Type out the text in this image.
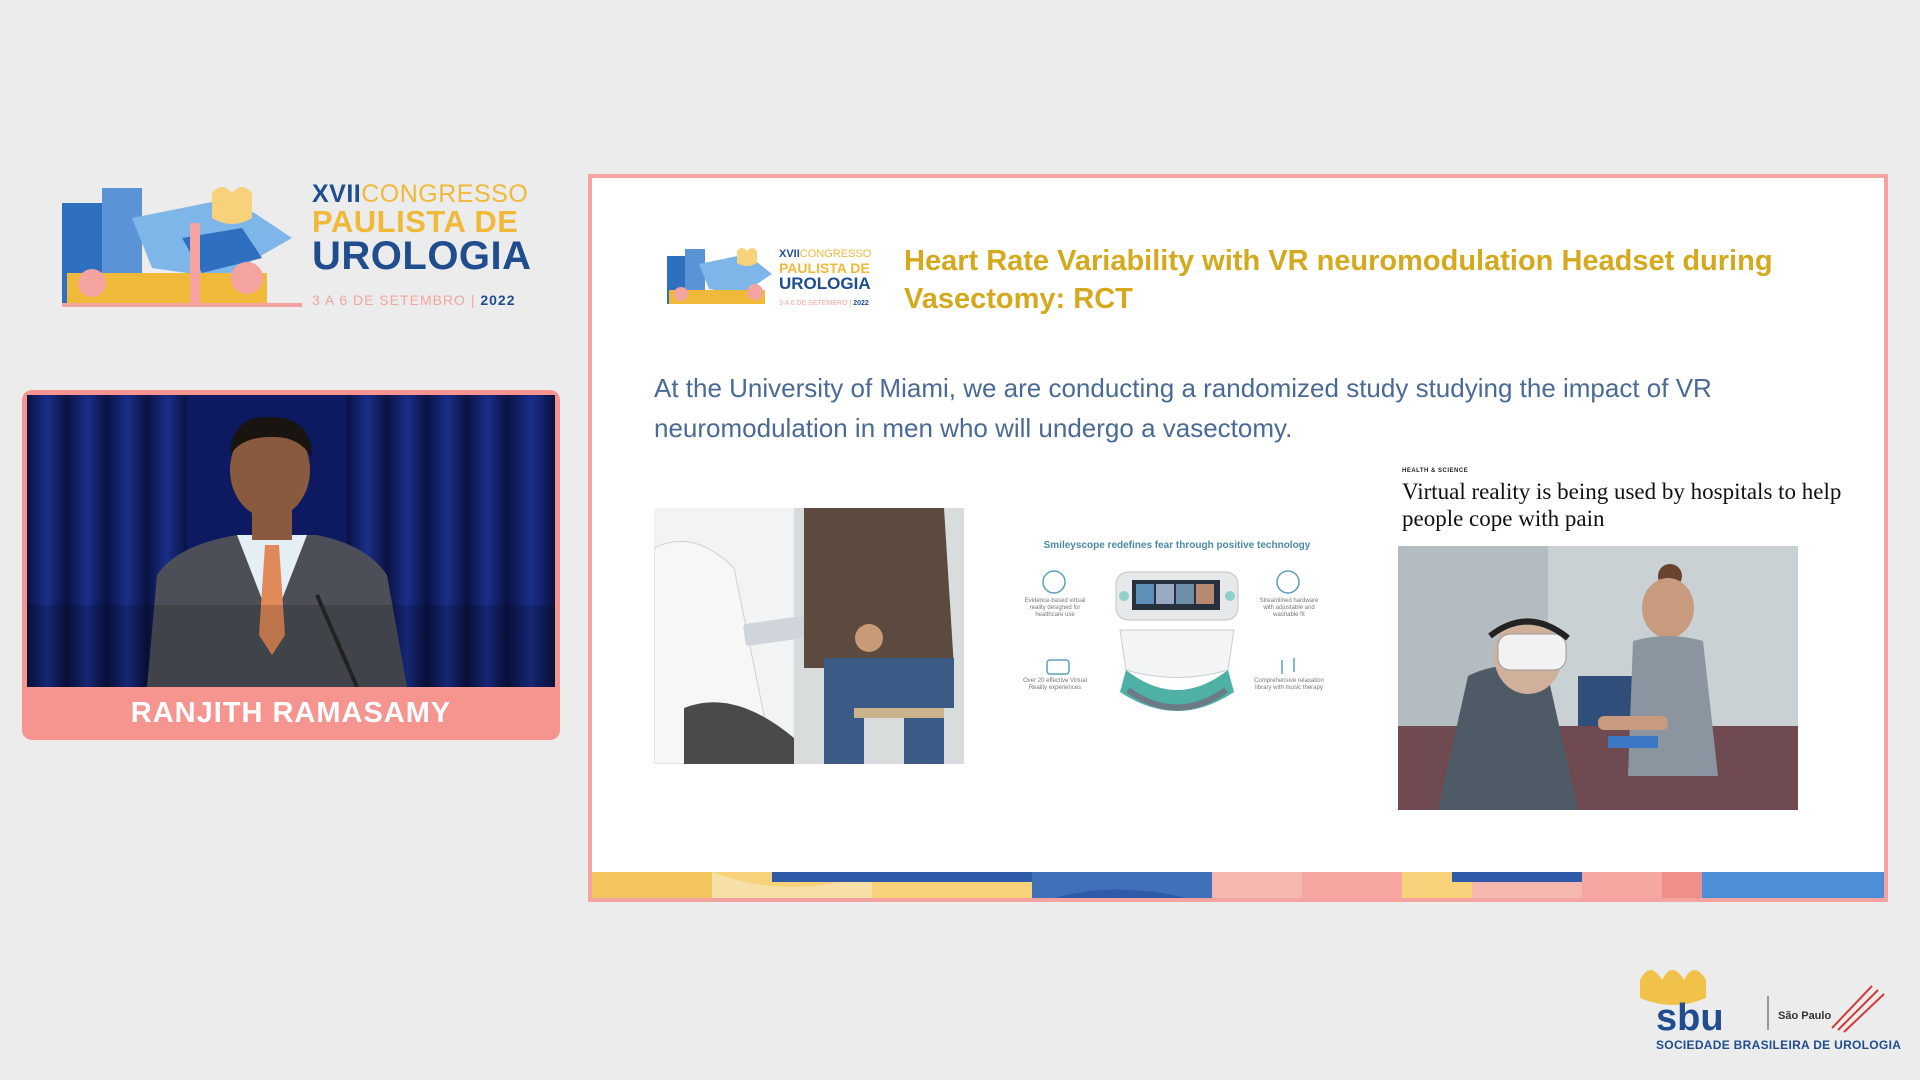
XVIICONGRESSO
PAULISTA DE
UROLOGIA
3 A 6 DE SETEMBRO | 2022
RANJITH RAMASAMY
XVIICONGRESSO
PAULISTA DE
UROLOGIA
3 A 6 DE SETEMBRO | 2022
Heart Rate Variability with VR neuromodulation Headset during Vasectomy: RCT
At the University of Miami, we are conducting a randomized study studying the impact of VR neuromodulation in men who will undergo a vasectomy.
Smileyscope redefines fear through positive technology
Evidence-based virtual reality designed for healthcare use
Streamlined hardware with adjustable and washable fit
Over 20 effective Virtual Reality experiences
Comprehensive relaxation library with music therapy
HEALTH & SCIENCE
Virtual reality is being used by hospitals to help people cope with pain
sbu	São Paulo
SOCIEDADE BRASILEIRA DE UROLOGIA
